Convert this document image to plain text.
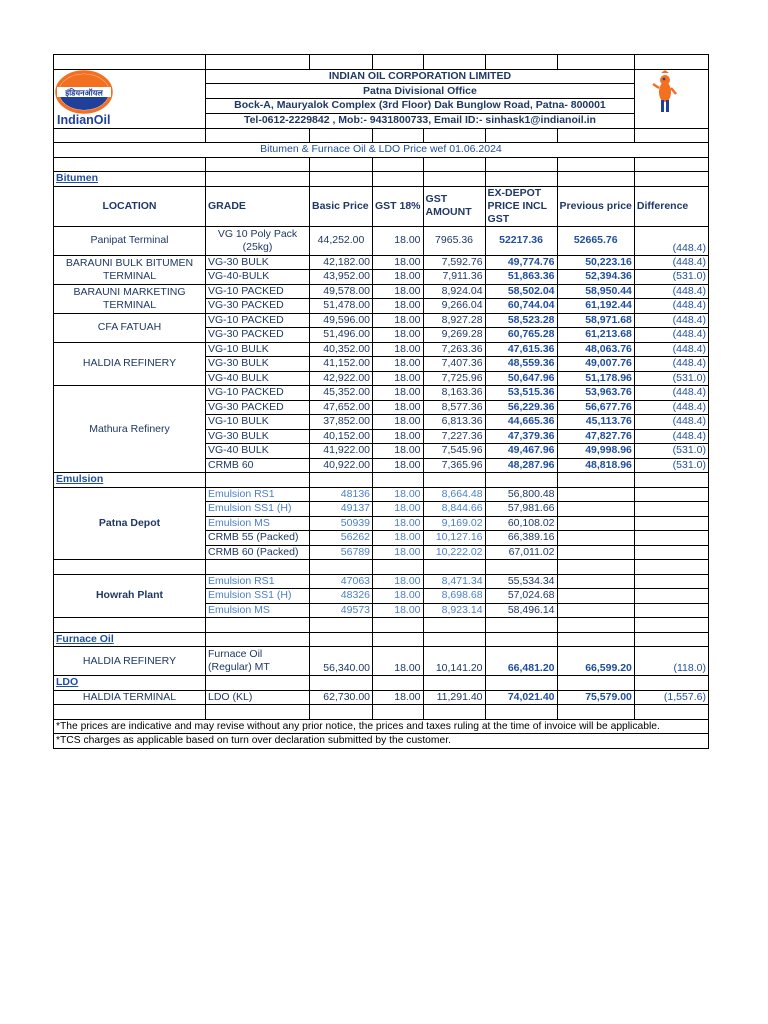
इंडियनऑयल
IndianOil	INDIAN OIL CORPORATION LIMITED	
	Patna Divisional Office						
	Bock-A, Mauryalok Complex (3rd Floor) Dak Bunglow Road, Patna- 800001						
	Tel-0612-2229842 , Mob:- 9431800733, Email ID:- sinhask1@indianoil.in						

Bitumen & Furnace Oil & LDO Price wef 01.06.2024							

Bitumen							
LOCATION	GRADE	Basic Price	GST 18%	GST AMOUNT	EX-DEPOT PRICE INCL GST	Previous price	Difference
Panipat Terminal	VG 10 Poly Pack (25kg)	44,252.00	18.00	7965.36	52217.36	52665.76	(448.4)
BARAUNI BULK BITUMEN TERMINAL	VG-30 BULK	42,182.00	18.00	7,592.76	49,774.76	50,223.16	(448.4)
	VG-40-BULK	43,952.00	18.00	7,911.36	51,863.36	52,394.36	(531.0)
BARAUNI MARKETING TERMINAL	VG-10 PACKED	49,578.00	18.00	8,924.04	58,502.04	58,950.44	(448.4)
	VG-30 PACKED	51,478.00	18.00	9,266.04	60,744.04	61,192.44	(448.4)
CFA FATUAH	VG-10 PACKED	49,596.00	18.00	8,927.28	58,523.28	58,971.68	(448.4)
	VG-30 PACKED	51,496.00	18.00	9,269.28	60,765.28	61,213.68	(448.4)
HALDIA REFINERY	VG-10 BULK	40,352.00	18.00	7,263.36	47,615.36	48,063.76	(448.4)
	VG-30 BULK	41,152.00	18.00	7,407.36	48,559.36	49,007.76	(448.4)
	VG-40 BULK	42,922.00	18.00	7,725.96	50,647.96	51,178.96	(531.0)
Mathura Refinery	VG-10 PACKED	45,352.00	18.00	8,163.36	53,515.36	53,963.76	(448.4)
	VG-30 PACKED	47,652.00	18.00	8,577.36	56,229.36	56,677.76	(448.4)
	VG-10 BULK	37,852.00	18.00	6,813.36	44,665.36	45,113.76	(448.4)
	VG-30 BULK	40,152.00	18.00	7,227.36	47,379.36	47,827.76	(448.4)
	VG-40 BULK	41,922.00	18.00	7,545.96	49,467.96	49,998.96	(531.0)
	CRMB 60	40,922.00	18.00	7,365.96	48,287.96	48,818.96	(531.0)
Emulsion							
Patna Depot	Emulsion RS1	48136	18.00	8,664.48	56,800.48		
	Emulsion SS1 (H)	49137	18.00	8,844.66	57,981.66		
	Emulsion MS	50939	18.00	9,169.02	60,108.02		
	CRMB 55 (Packed)	56262	18.00	10,127.16	66,389.16		
	CRMB 60 (Packed)	56789	18.00	10,222.02	67,011.02		

Howrah Plant	Emulsion RS1	47063	18.00	8,471.34	55,534.34		
	Emulsion SS1 (H)	48326	18.00	8,698.68	57,024.68		
	Emulsion MS	49573	18.00	8,923.14	58,496.14		

Furnace Oil							
HALDIA REFINERY	Furnace Oil (Regular) MT	56,340.00	18.00	10,141.20	66,481.20	66,599.20	(118.0)
LDO							
HALDIA TERMINAL	LDO (KL)	62,730.00	18.00	11,291.40	74,021.40	75,579.00	(1,557.6)

*The prices are indicative and may revise without any prior notice, the prices and taxes ruling at the time of invoice will be applicable.							
*TCS charges as applicable based on turn over declaration submitted by the customer.							
